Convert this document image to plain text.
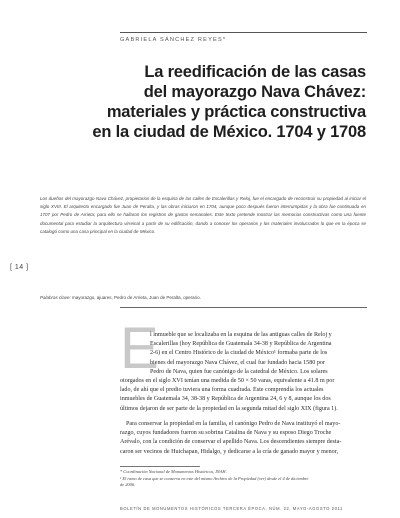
GABRIELA SÁNCHEZ REYES*
La reedificación de las casas
del mayorazgo Nava Chávez:
materiales y práctica constructiva
en la ciudad de México. 1704 y 1708
Los dueños del mayorazgo Nava Chávez, propietarios de la esquina de las calles de Escalerillas y Reloj, fue el encargado de reconstruir su propiedad al iniciar el siglo XVIII. El arquitecto encargado fue Juan de Peralta, y las obras iniciaron en 1704, aunque poco después fueron interrumpidas y la obra fue continuada en 1707 por Pedro de Arrieta; para ello se hallaron los registros de gastos semanales. Este texto pretende mostrar las memorias constructivas como una fuente documental para estudiar la arquitectura virreinal a partir de su edificación, dando a conocer los operarios y los materiales involucrados lo que en la época se catalogó como una casa principal en la ciudad de México.
Palabras clave: mayorazgo, ajuares, Pedro de Arrieta, Juan de Peralta, operario.
[ 14 ]
E
l inmueble que se localizaba en la esquina de las antiguas calles de Reloj y
Escalerillas (hoy República de Guatemala 34-38 y República de Argentina
2-6) en el Centro Histórico de la ciudad de México¹ formaba parte de los
bienes del mayorazgo Nava Chávez, el cual fue fundado hacia 1580 por
Pedro de Nava, quien fue canónigo de la catedral de México. Los solares
otorgados en el siglo XVI tenían una medida de 50 × 50 varas, equivalente a 41.8 m por
lado, de ahí que el predio tuviera una forma cuadrada. Éste comprendía los actuales
inmuebles de Guatemala 34, 38-38 y República de Argentina 24, 6 y 8, aunque los dos
últimos dejaron de ser parte de la propiedad en la segunda mitad del siglo XIX (figura 1).
Para conservar la propiedad en la familia, el canónigo Pedro de Nava instituyó el mayo-
razgo, cuyos fundadores fueron su sobrina Catalina de Nava y su esposo Diego Troche
Arévalo, con la condición de conservar el apellido Nava. Los descendientes siempre desta-
caron ser vecinos de Huichapan, Hidalgo, y dedicarse a la cría de ganado mayor y menor,
* Coordinación Nacional de Monumentos Históricos, INAH.
¹ El ramo de casa que se conserva en este del mismo Archivo de la Propiedad (ver) desde el 4 de diciembre
de 2006.
BOLETÍN DE MONUMENTOS HISTÓRICOS TERCERA ÉPOCA, NÚM. 22, MAYO-AGOSTO 2011
